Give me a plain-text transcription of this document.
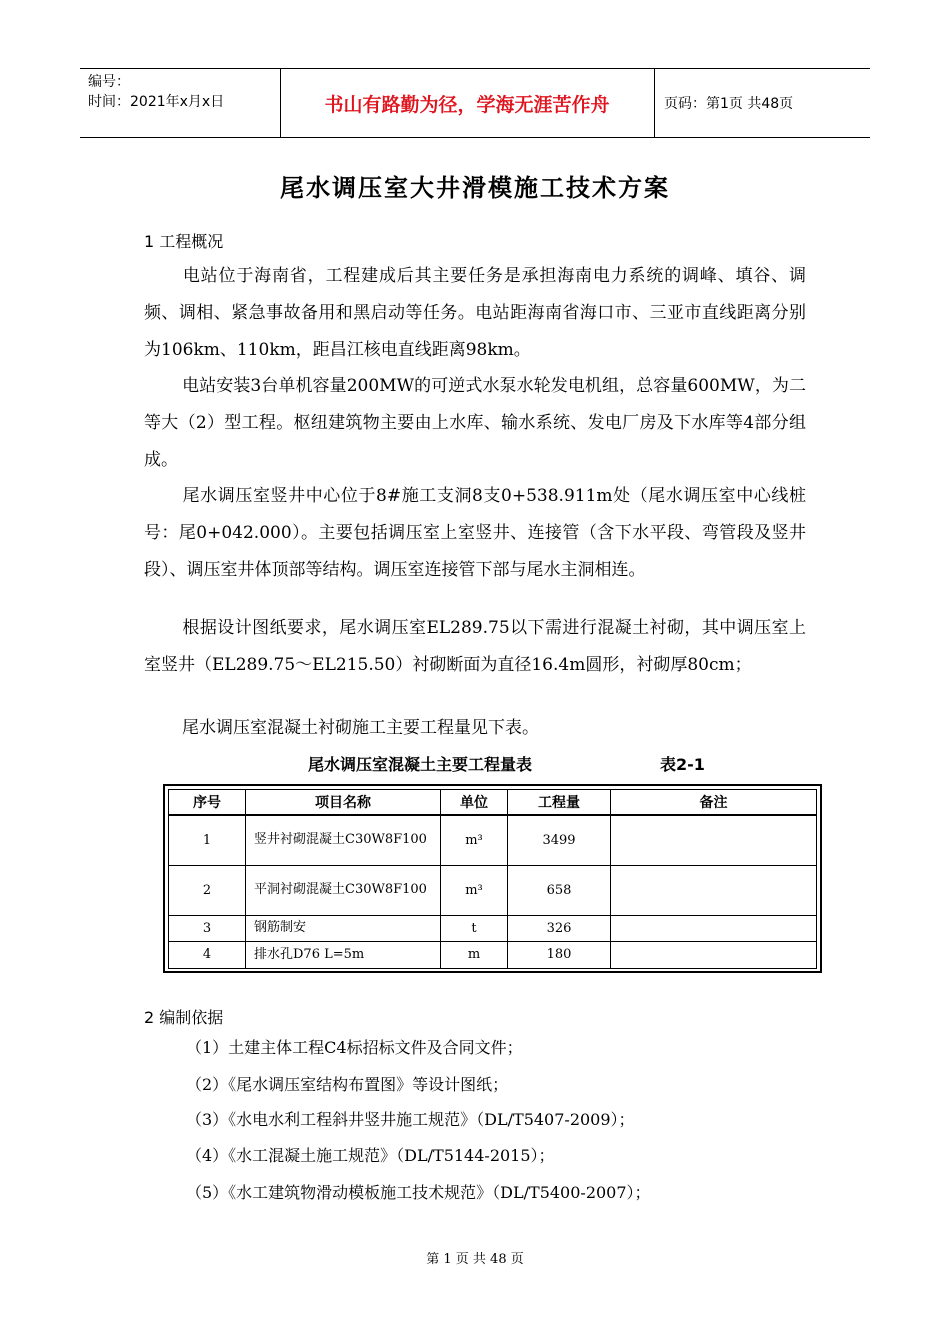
编号：
时间：2021年x月x日	书山有路勤为径，学海无涯苦作舟	页码：第1页 共48页
尾水调压室大井滑模施工技术方案
1 工程概况
电站位于海南省，工程建成后其主要任务是承担海南电力系统的调峰、填谷、调频、调相、紧急事故备用和黑启动等任务。电站距海南省海口市、三亚市直线距离分别为106km、110km，距昌江核电直线距离98km。
电站安装3台单机容量200MW的可逆式水泵水轮发电机组，总容量600MW，为二等大（2）型工程。枢纽建筑物主要由上水库、输水系统、发电厂房及下水库等4部分组成。
尾水调压室竖井中心位于8#施工支洞8支0+538.911m处（尾水调压室中心线桩号：尾0+042.000）。主要包括调压室上室竖井、连接管（含下水平段、弯管段及竖井段）、调压室井体顶部等结构。调压室连接管下部与尾水主洞相连。
根据设计图纸要求，尾水调压室EL289.75以下需进行混凝土衬砌，其中调压室上室竖井（EL289.75～EL215.50）衬砌断面为直径16.4m圆形，衬砌厚80cm；
尾水调压室混凝土衬砌施工主要工程量见下表。
尾水调压室混凝土主要工程量表	表2-1
序号	项目名称	单位	工程量	备注
1	竖井衬砌混凝土C30W8F100	m³	3499	
2	平洞衬砌混凝土C30W8F100	m³	658	
3	钢筋制安	t	326	
4	排水孔D76 L=5m	m	180	
2 编制依据
（1）土建主体工程C4标招标文件及合同文件；
（2）《尾水调压室结构布置图》等设计图纸；
（3）《水电水利工程斜井竖井施工规范》（DL/T5407-2009）；
（4）《水工混凝土施工规范》（DL/T5144-2015）；
（5）《水工建筑物滑动模板施工技术规范》（DL/T5400-2007）；
第 1 页 共 48 页
